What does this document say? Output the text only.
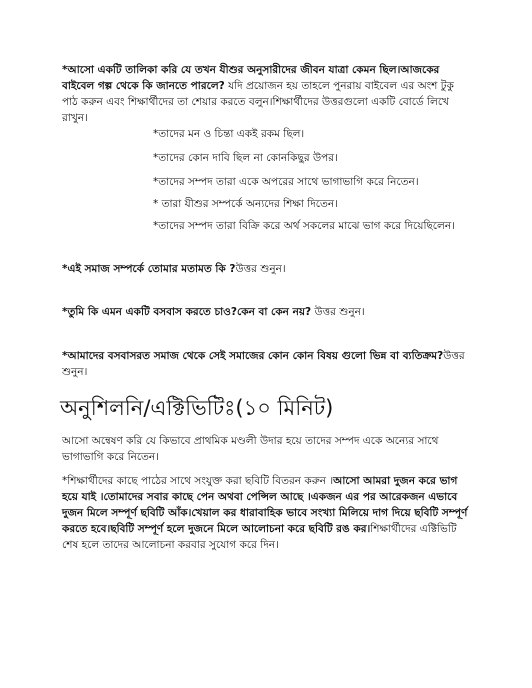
*আসো একটি তালিকা করি যে তখন যীশুর অনুসারীদের জীবন যাত্রা কেমন ছিল।আজকের বাইবেল গল্প থেকে কি জানতে পারলে? যদি প্রয়োজন হয় তাহলে পুনরায় বাইবেল এর অংশ টুকু পাঠ করুন এবং শিক্ষার্থীদের তা শেয়ার করতে বলুন।শিক্ষার্থীদের উত্তরগুলো একটি বোর্ডে লিখে রাখুন।
*তাদের মন ও চিন্তা একই রকম ছিল।
*তাদের কোন দাবি ছিল না কোনকিছুর উপর।
*তাদের সম্পদ তারা একে অপরের সাথে ভাগাভাগি করে নিতেন।
* তারা যীশুর সম্পর্কে অন্যদের শিক্ষা দিতেন।
*তাদের সম্পদ তারা বিক্রি করে অর্থ সকলের মাঝে ভাগ করে দিয়েছিলেন।
*এই সমাজ সম্পর্কে তোমার মতামত কি ?উত্তর শুনুন।
*তুমি কি এমন একটি বসবাস করতে চাও?কেন বা কেন নয়? উত্তর শুনুন।
*আমাদের বসবাসরত সমাজ থেকে সেই সমাজের কোন কোন বিষয় গুলো ভিন্ন বা ব্যতিক্রম?উত্তর শুনুন।
অনুশিলনি/এক্টিভিটিঃ(১০ মিনিট)
আসো অন্বেষণ করি যে কিভাবে প্রাথমিক মণ্ডলী উদার হয়ে তাদের সম্পদ একে অন্যের সাথে ভাগাভাগি করে নিতেন।
*শিক্ষার্থীদের কাছে পাঠের সাথে সংযুক্ত করা ছবিটি বিতরন করুন ।আসো আমরা দুজন করে ভাগ হয়ে যাই ।তোমাদের সবার কাছে পেন অথবা পেন্সিল আছে ।একজন এর পর আরেকজন এভাবে দুজন মিলে সম্পূর্ণ ছবিটি আঁক।খেয়াল কর ধারাবাহিক ভাবে সংখ্যা মিলিয়ে দাগ দিয়ে ছবিটি সম্পূর্ণ করতে হবে।ছবিটি সম্পূর্ণ হলে দুজনে মিলে আলোচনা করে ছবিটি রঙ কর।শিক্ষার্থীদের এক্টিভিটি শেষ হলে তাদের আলোচনা করবার সুযোগ করে দিন।
